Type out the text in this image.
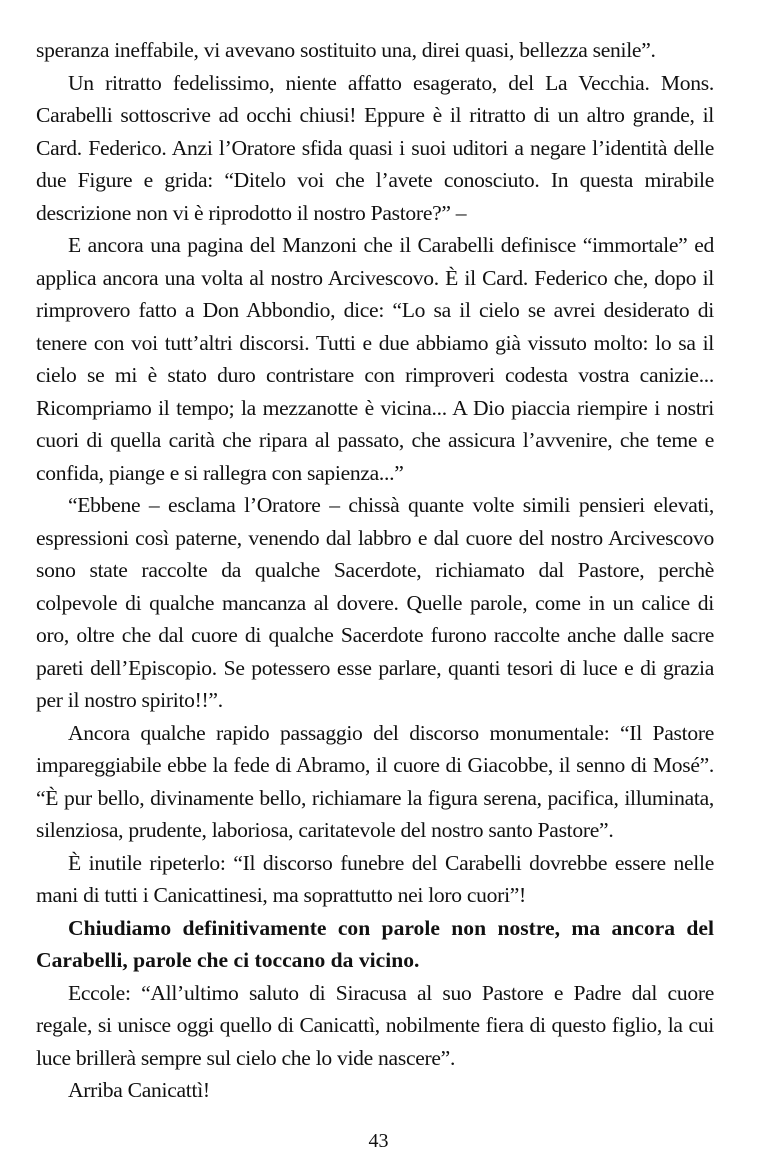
speranza ineffabile, vi avevano sostituito una, direi quasi, bellezza senile”.

Un ritratto fedelissimo, niente affatto esagerato, del La Vecchia. Mons. Carabelli sottoscrive ad occhi chiusi! Eppure è il ritratto di un altro grande, il Card. Federico. Anzi l’Oratore sfida quasi i suoi uditori a negare l’identità delle due Figure e grida: “Ditelo voi che l’avete conosciuto. In questa mirabile descrizione non vi è riprodotto il nostro Pastore?” –

E ancora una pagina del Manzoni che il Carabelli definisce “immortale” ed applica ancora una volta al nostro Arcivescovo. È il Card. Federico che, dopo il rimprovero fatto a Don Abbondio, dice: “Lo sa il cielo se avrei desiderato di tenere con voi tutt’altri discorsi. Tutti e due abbiamo già vissuto molto: lo sa il cielo se mi è stato duro contristare con rimproveri codesta vostra canizie... Ricompriamo il tempo; la mezzanotte è vicina... A Dio piaccia riempire i nostri cuori di quella carità che ripara al passato, che assicura l’avvenire, che teme e confida, piange e si rallegra con sapienza...”

“Ebbene – esclama l’Oratore – chissà quante volte simili pensieri elevati, espressioni così paterne, venendo dal labbro e dal cuore del nostro Arcivescovo sono state raccolte da qualche Sacerdote, richiamato dal Pastore, perchè colpevole di qualche mancanza al dovere. Quelle parole, come in un calice di oro, oltre che dal cuore di qualche Sacerdote furono raccolte anche dalle sacre pareti dell’Episcopio. Se potessero esse parlare, quanti tesori di luce e di grazia per il nostro spirito!!”.

Ancora qualche rapido passaggio del discorso monumentale: “Il Pastore impareggiabile ebbe la fede di Abramo, il cuore di Giacobbe, il senno di Mosé”. “È pur bello, divinamente bello, richiamare la figura serena, pacifica, illuminata, silenziosa, prudente, laboriosa, caritatevole del nostro santo Pastore”.

È inutile ripeterlo: “Il discorso funebre del Carabelli dovrebbe essere nelle mani di tutti i Canicattinesi, ma soprattutto nei loro cuori”!

Chiudiamo definitivamente con parole non nostre, ma ancora del Carabelli, parole che ci toccano da vicino.

Eccole: “All’ultimo saluto di Siracusa al suo Pastore e Padre dal cuore regale, si unisce oggi quello di Canicattì, nobilmente fiera di questo figlio, la cui luce brillerà sempre sul cielo che lo vide nascere”.

Arriba Canicattì!

43
